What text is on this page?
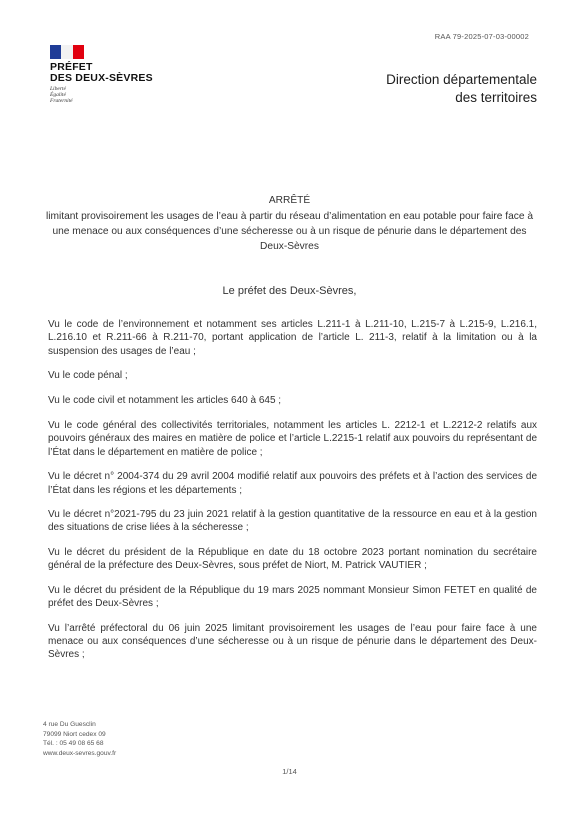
RAA 79-2025-07-03-00002
PRÉFET
DES DEUX-SÈVRES
Liberté
Égalité
Fraternité
Direction départementale
des territoires
ARRÊTÉ
limitant provisoirement les usages de l’eau à partir du réseau d’alimentation en eau potable pour faire face à une menace ou aux conséquences d’une sécheresse ou à un risque de pénurie dans le département des Deux-Sèvres
Le préfet des Deux-Sèvres,

Vu le code de l’environnement et notamment ses articles L.211-1 à L.211-10, L.215-7 à L.215-9, L.216.1, L.216.10 et R.211-66 à R.211-70, portant application de l’article L. 211-3, relatif à la limitation ou à la suspension des usages de l’eau ;

Vu le code pénal ;

Vu le code civil et notamment les articles 640 à 645 ;

Vu le code général des collectivités territoriales, notamment les articles L. 2212-1 et L.2212-2 relatifs aux pouvoirs généraux des maires en matière de police et l’article L.2215-1 relatif aux pouvoirs du représentant de l’État dans le département en matière de police ;

Vu le décret n° 2004-374 du 29 avril 2004 modifié relatif aux pouvoirs des préfets et à l’action des services de l’État dans les régions et les départements ;

Vu le décret n°2021-795 du 23 juin 2021 relatif à la gestion quantitative de la ressource en eau et à la gestion des situations de crise liées à la sécheresse ;

Vu le décret du président de la République en date du 18 octobre 2023 portant nomination du secrétaire général de la préfecture des Deux-Sèvres, sous préfet de Niort, M. Patrick VAUTIER ;

Vu le décret du président de la République du 19 mars 2025 nommant Monsieur Simon FETET en qualité de préfet des Deux-Sèvres ;

Vu l’arrêté préfectoral du 06 juin 2025 limitant provisoirement les usages de l’eau pour faire face à une menace ou aux conséquences d’une sécheresse ou à un risque de pénurie dans le département des Deux-Sèvres ;

4 rue Du Guesclin
79099 Niort cedex 09
Tél. : 05 49 08 65 68
www.deux-sevres.gouv.fr
1/14
